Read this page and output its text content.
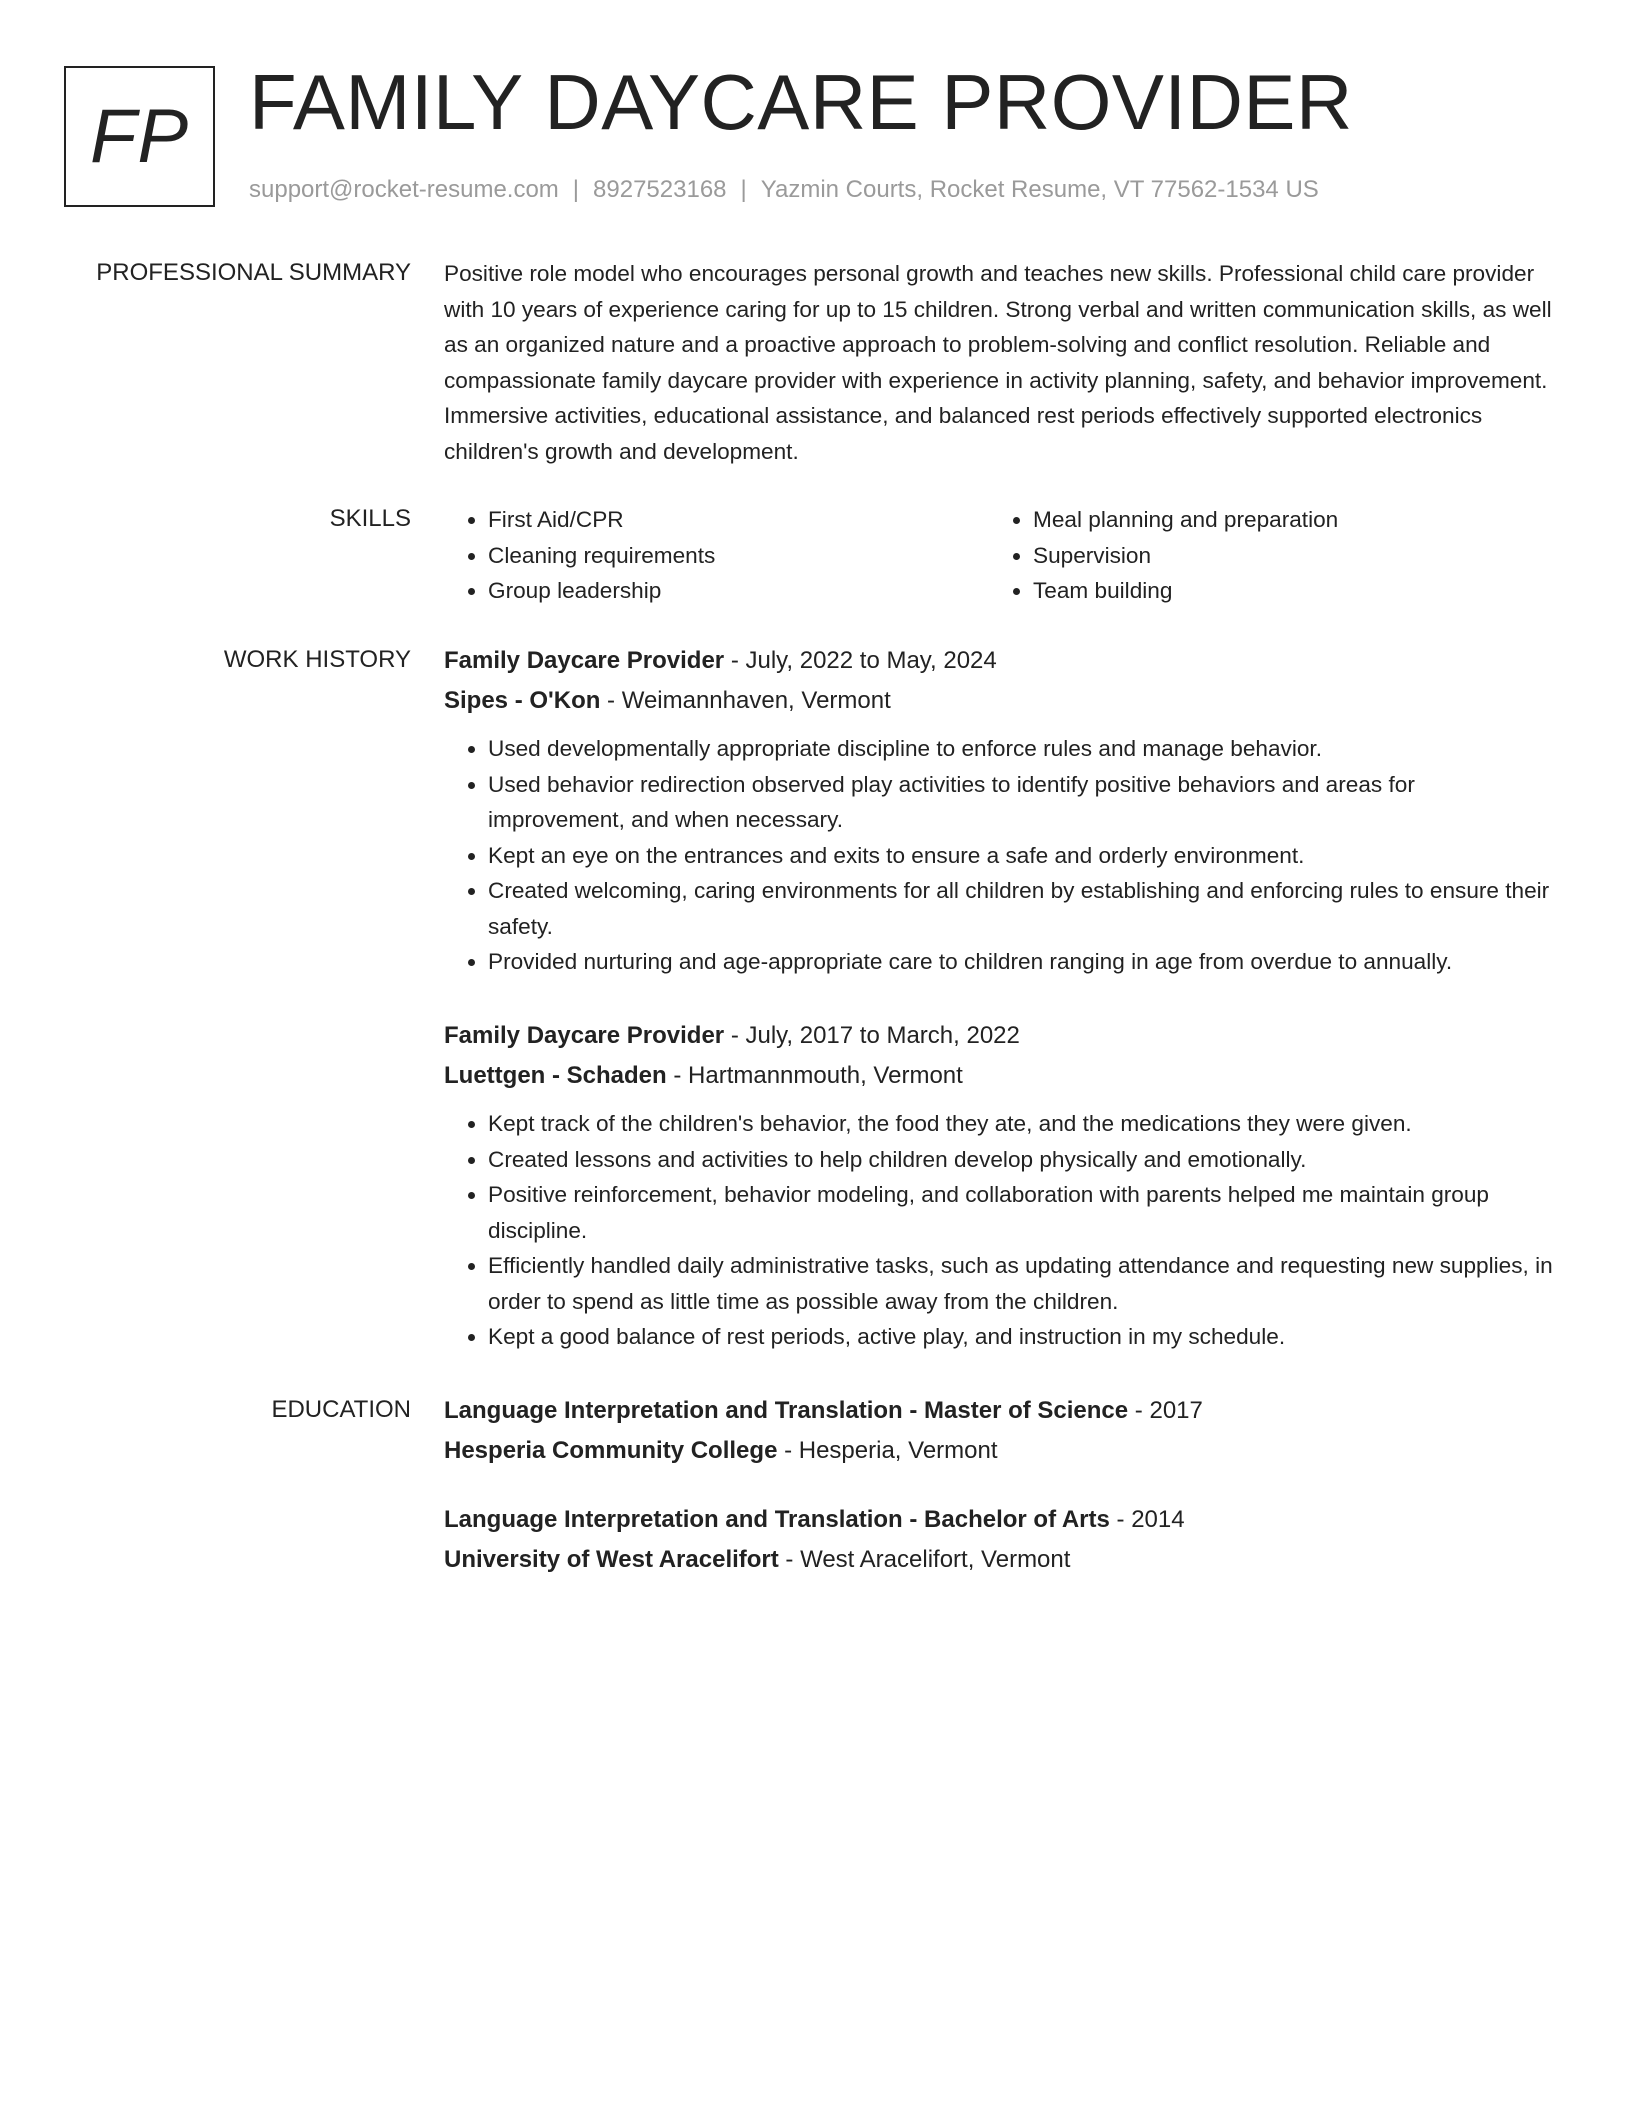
FP FAMILY DAYCARE PROVIDER
support@rocket-resume.com | 8927523168 | Yazmin Courts, Rocket Resume, VT 77562-1534 US
PROFESSIONAL SUMMARY Positive role model who encourages personal growth and teaches new skills. Professional child care provider with 10 years of experience caring for up to 15 children. Strong verbal and written communication skills, as well as an organized nature and a proactive approach to problem-solving and conflict resolution. Reliable and compassionate family daycare provider with experience in activity planning, safety, and behavior improvement. Immersive activities, educational assistance, and balanced rest periods effectively supported electronics children's growth and development.
SKILLS
•	First Aid/CPR
• Cleaning requirements
• Group leadership
• Meal planning and preparation
• Supervision
• Team building
WORK HISTORY Family Daycare Provider - July, 2022 to May, 2024
Sipes - O'Kon - Weimannhaven, Vermont
• Used developmentally appropriate discipline to enforce rules and manage behavior.
• Used behavior redirection observed play activities to identify positive behaviors and areas for improvement, and when necessary.
• Kept an eye on the entrances and exits to ensure a safe and orderly environment.
• Created welcoming, caring environments for all children by establishing and enforcing rules to ensure their safety.
• Provided nurturing and age-appropriate care to children ranging in age from overdue to annually.
Family Daycare Provider - July, 2017 to March, 2022
Luettgen - Schaden - Hartmannmouth, Vermont
• Kept track of the children's behavior, the food they ate, and the medications they were given.
• Created lessons and activities to help children develop physically and emotionally.
• Positive reinforcement, behavior modeling, and collaboration with parents helped me maintain group discipline.
• Efficiently handled daily administrative tasks, such as updating attendance and requesting new supplies, in order to spend as little time as possible away from the children.
• Kept a good balance of rest periods, active play, and instruction in my schedule.
EDUCATION Language Interpretation and Translation - Master of Science - 2017
Hesperia Community College - Hesperia, Vermont
Language Interpretation and Translation - Bachelor of Arts - 2014
University of West Aracelifort - West Aracelifort, Vermont
